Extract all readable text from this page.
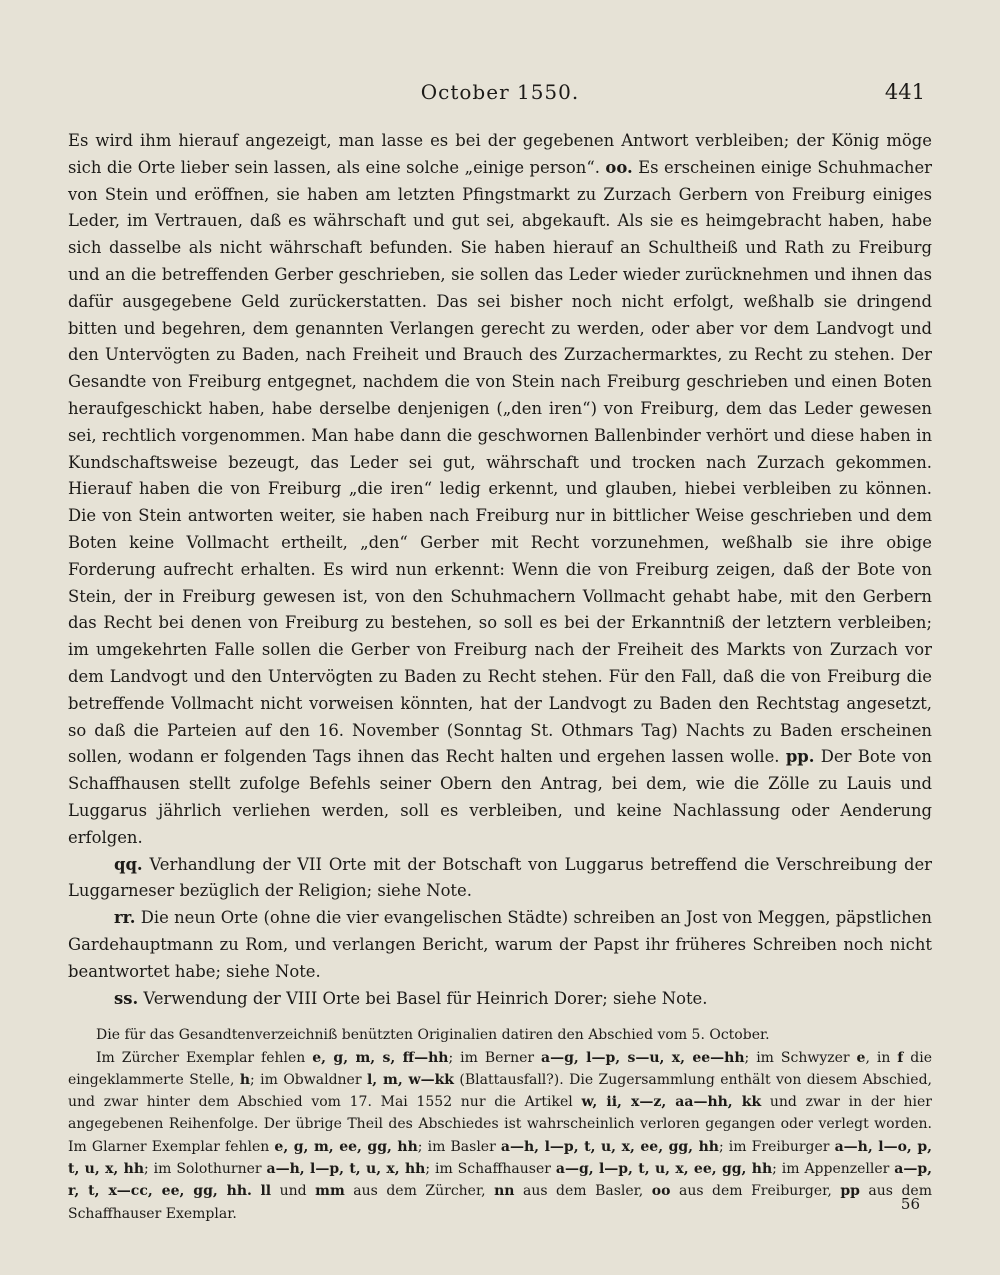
October 1550.	441

Es wird ihm hierauf angezeigt, man lasse es bei der gegebenen Antwort verbleiben; der König möge sich die Orte lieber sein lassen, als eine solche „einige person“. oo. Es erscheinen einige Schuhmacher von Stein und eröffnen, sie haben am letzten Pfingstmarkt zu Zurzach Gerbern von Freiburg einiges Leder, im Vertrauen, daß es währschaft und gut sei, abgekauft. Als sie es heimgebracht haben, habe sich dasselbe als nicht währschaft befunden. Sie haben hierauf an Schultheiß und Rath zu Freiburg und an die betreffenden Gerber geschrieben, sie sollen das Leder wieder zurücknehmen und ihnen das dafür ausgegebene Geld zurückerstatten. Das sei bisher noch nicht erfolgt, weßhalb sie dringend bitten und begehren, dem genannten Verlangen gerecht zu werden, oder aber vor dem Landvogt und den Untervögten zu Baden, nach Freiheit und Brauch des Zurzachermarktes, zu Recht zu stehen. Der Gesandte von Freiburg entgegnet, nachdem die von Stein nach Freiburg geschrieben und einen Boten heraufgeschickt haben, habe derselbe denjenigen („den iren“) von Freiburg, dem das Leder gewesen sei, rechtlich vorgenommen. Man habe dann die geschwornen Ballenbinder verhört und diese haben in Kundschaftsweise bezeugt, das Leder sei gut, währschaft und trocken nach Zurzach gekommen. Hierauf haben die von Freiburg „die iren“ ledig erkennt, und glauben, hiebei verbleiben zu können. Die von Stein antworten weiter, sie haben nach Freiburg nur in bittlicher Weise geschrieben und dem Boten keine Vollmacht ertheilt, „den“ Gerber mit Recht vorzunehmen, weßhalb sie ihre obige Forderung aufrecht erhalten. Es wird nun erkennt: Wenn die von Freiburg zeigen, daß der Bote von Stein, der in Freiburg gewesen ist, von den Schuhmachern Vollmacht gehabt habe, mit den Gerbern das Recht bei denen von Freiburg zu bestehen, so soll es bei der Erkanntniß der letztern verbleiben; im umgekehrten Falle sollen die Gerber von Freiburg nach der Freiheit des Markts von Zurzach vor dem Landvogt und den Untervögten zu Baden zu Recht stehen. Für den Fall, daß die von Freiburg die betreffende Vollmacht nicht vorweisen könnten, hat der Landvogt zu Baden den Rechtstag angesetzt, so daß die Parteien auf den 16. November (Sonntag St. Othmars Tag) Nachts zu Baden erscheinen sollen, wodann er folgenden Tags ihnen das Recht halten und ergehen lassen wolle. pp. Der Bote von Schaffhausen stellt zufolge Befehls seiner Obern den Antrag, bei dem, wie die Zölle zu Lauis und Luggarus jährlich verliehen werden, soll es verbleiben, und keine Nachlassung oder Aenderung erfolgen.

qq. Verhandlung der VII Orte mit der Botschaft von Luggarus betreffend die Verschreibung der Luggarneser bezüglich der Religion; siehe Note.

rr. Die neun Orte (ohne die vier evangelischen Städte) schreiben an Jost von Meggen, päpstlichen Gardehauptmann zu Rom, und verlangen Bericht, warum der Papst ihr früheres Schreiben noch nicht beantwortet habe; siehe Note.

ss. Verwendung der VIII Orte bei Basel für Heinrich Dorer; siehe Note.

Die für das Gesandtenverzeichniß benützten Originalien datiren den Abschied vom 5. October.

Im Zürcher Exemplar fehlen e, g, m, s, ff—hh; im Berner a—g, l—p, s—u, x, ee—hh; im Schwyzer e, in f die eingeklammerte Stelle, h; im Obwaldner l, m, w—kk (Blattausfall?). Die Zugersammlung enthält von diesem Abschied, und zwar hinter dem Abschied vom 17. Mai 1552 nur die Artikel w, ii, x—z, aa—hh, kk und zwar in der hier angegebenen Reihenfolge. Der übrige Theil des Abschiedes ist wahrscheinlich verloren gegangen oder verlegt worden. Im Glarner Exemplar fehlen e, g, m, ee, gg, hh; im Basler a—h, l—p, t, u, x, ee, gg, hh; im Freiburger a—h, l—o, p, t, u, x, hh; im Solothurner a—h, l—p, t, u, x, hh; im Schaffhauser a—g, l—p, t, u, x, ee, gg, hh; im Appenzeller a—p, r, t, x—cc, ee, gg, hh. ll und mm aus dem Zürcher, nn aus dem Basler, oo aus dem Freiburger, pp aus dem Schaffhauser Exemplar.

56
